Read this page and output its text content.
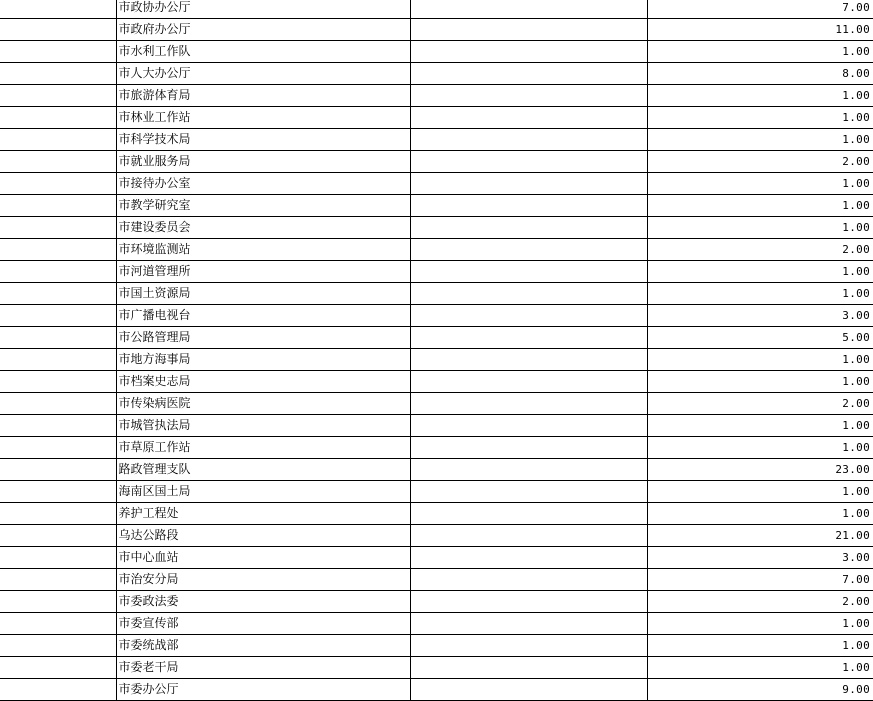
	市政协办公厅		7.00
	市政府办公厅		11.00
	市水利工作队		1.00
	市人大办公厅		8.00
	市旅游体育局		1.00
	市林业工作站		1.00
	市科学技术局		1.00
	市就业服务局		2.00
	市接待办公室		1.00
	市教学研究室		1.00
	市建设委员会		1.00
	市环境监测站		2.00
	市河道管理所		1.00
	市国土资源局		1.00
	市广播电视台		3.00
	市公路管理局		5.00
	市地方海事局		1.00
	市档案史志局		1.00
	市传染病医院		2.00
	市城管执法局		1.00
	市草原工作站		1.00
	路政管理支队		23.00
	海南区国土局		1.00
	养护工程处		1.00
	乌达公路段		21.00
	市中心血站		3.00
	市治安分局		7.00
	市委政法委		2.00
	市委宣传部		1.00
	市委统战部		1.00
	市委老干局		1.00
	市委办公厅		9.00
